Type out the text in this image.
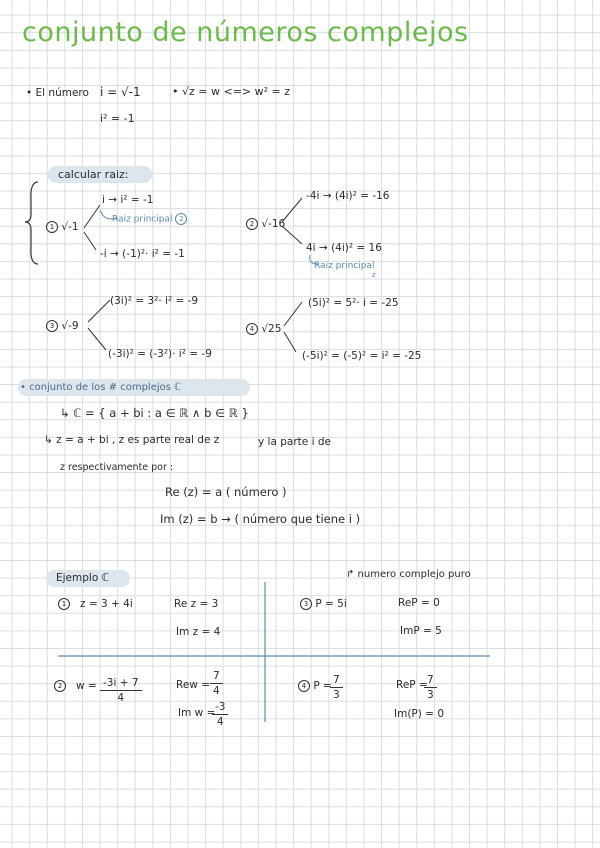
conjunto de números complejos
• El número i = √-1	• √z = w <=> w² = z
i² = -1
calcular raiz:
1 √-1
i → i² = -1
Raiz principal 2
-i → (-1)²· i² = -1
2 √-16
-4i → (4i)² = -16
4i → (4i)² = 16
Raiz principal
z
3 √-9
(3i)² = 3²· i² = -9
(-3i)² = (-3²)· i² = -9
4 √25
(5i)² = 5²· i = -25
(-5i)² = (-5)² = i² = -25
• conjunto de los # complejos ℂ
↳ ℂ = { a + bi : a ∈ ℝ ∧ b ∈ ℝ }
↳ z = a + bi , z es parte real de z	y la parte i de
z respectivamente por :
Re (z) = a ( número )
Im (z) = b → ( número que tiene i )
Ejemplo ℂ	↱ numero complejo puro
1 z = 3 + 4i	Re z = 3
Im z = 4
3 P = 5i	ReP = 0
ImP = 5
2 $w = \frac{-3i + 7}{4}$	Rew = $\frac{7}{4}$
Im w =
$\frac{-3}{4}$
4 P =
$\frac{7}{3}$	ReP =
$\frac{7}{3}$
Im(P) = 0
